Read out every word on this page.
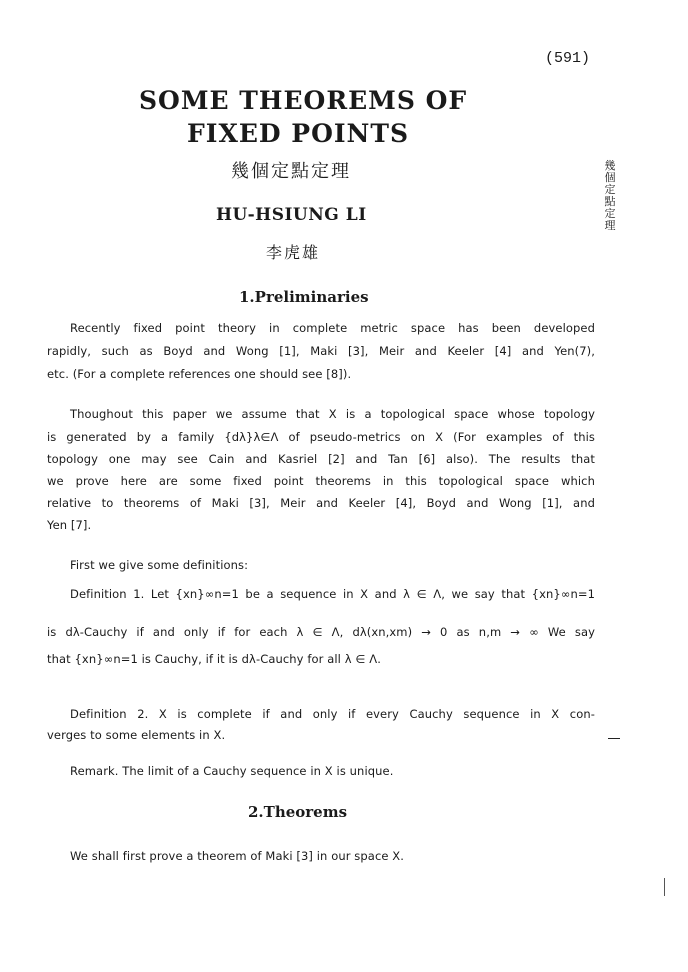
(591)
SOME THEOREMS OF
FIXED POINTS
幾個定點定理
HU-HSIUNG LI
李虎雄
幾個定點定理
1.Preliminaries
Recently fixed point theory in complete metric space has been developed
rapidly, such as Boyd and Wong [1], Maki [3], Meir and Keeler [4] and Yen(7),
etc. (For a complete references one should see [8]).
Thoughout this paper we assume that X is a topological space whose topology
is generated by a family {dλ}λ∈Λ of pseudo-metrics on X (For examples of this
topology one may see Cain and Kasriel [2] and Tan [6] also). The results that
we prove here are some fixed point theorems in this topological space which
relative to theorems of Maki [3], Meir and Keeler [4], Boyd and Wong [1], and
Yen [7].
First we give some definitions:
Definition 1. Let {xn}∞n=1 be a sequence in X and λ ∈ Λ, we say that {xn}∞n=1
is dλ-Cauchy if and only if for each λ ∈ Λ, dλ(xn,xm) → 0 as n,m → ∞ We say
that {xn}∞n=1 is Cauchy, if it is dλ-Cauchy for all λ ∈ Λ.
Definition 2. X is complete if and only if every Cauchy sequence in X con-
verges to some elements in X.
Remark. The limit of a Cauchy sequence in X is unique.
2.Theorems
We shall first prove a theorem of Maki [3] in our space X.
